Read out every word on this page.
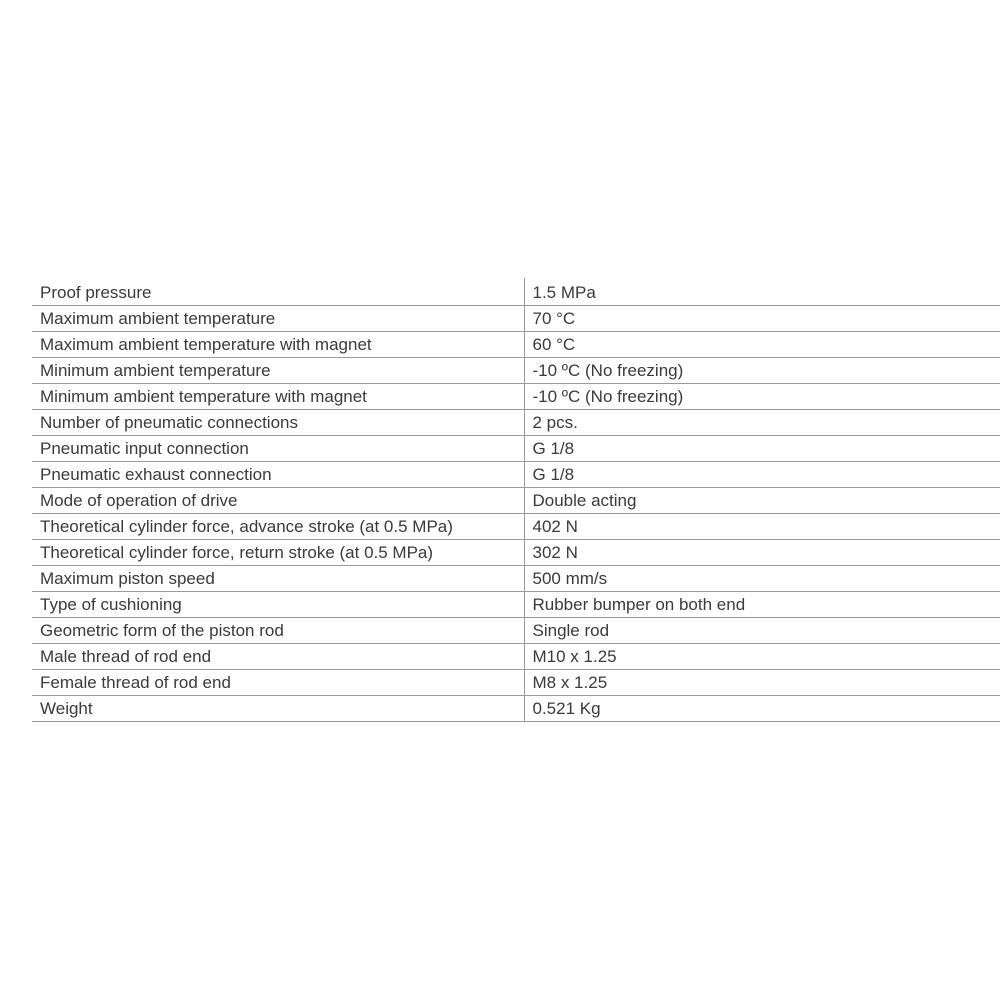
Proof pressure	1.5 MPa
Maximum ambient temperature	70 °C
Maximum ambient temperature with magnet	60 °C
Minimum ambient temperature	-10 ºC (No freezing)
Minimum ambient temperature with magnet	-10 ºC (No freezing)
Number of pneumatic connections	2 pcs.
Pneumatic input connection	G 1/8
Pneumatic exhaust connection	G 1/8
Mode of operation of drive	Double acting
Theoretical cylinder force, advance stroke (at 0.5 MPa)	402 N
Theoretical cylinder force, return stroke (at 0.5 MPa)	302 N
Maximum piston speed	500 mm/s
Type of cushioning	Rubber bumper on both end
Geometric form of the piston rod	Single rod
Male thread of rod end	M10 x 1.25
Female thread of rod end	M8 x 1.25
Weight	0.521 Kg
